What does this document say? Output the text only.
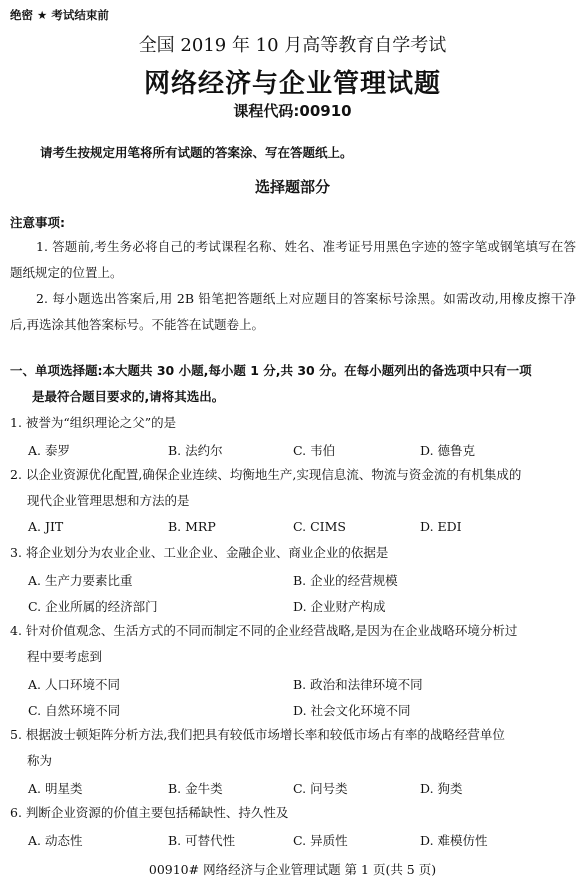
绝密 ★ 考试结束前
全国 2019 年 10 月高等教育自学考试
网络经济与企业管理试题
课程代码:00910
请考生按规定用笔将所有试题的答案涂、写在答题纸上。
选择题部分
注意事项:
1. 答题前,考生务必将自己的考试课程名称、姓名、准考证号用黑色字迹的签字笔或钢笔填写在答题纸规定的位置上。
2. 每小题选出答案后,用 2B 铅笔把答题纸上对应题目的答案标号涂黑。如需改动,用橡皮擦干净后,再选涂其他答案标号。不能答在试题卷上。
一、单项选择题:本大题共 30 小题,每小题 1 分,共 30 分。在每小题列出的备选项中只有一项
是最符合题目要求的,请将其选出。
1. 被誉为“组织理论之父”的是
A. 泰罗	B. 法约尔	C. 韦伯	D. 德鲁克
2. 以企业资源优化配置,确保企业连续、均衡地生产,实现信息流、物流与资金流的有机集成的
现代企业管理思想和方法的是
A. JIT	B. MRP	C. CIMS	D. EDI
3. 将企业划分为农业企业、工业企业、金融企业、商业企业的依据是
A. 生产力要素比重	B. 企业的经营规模
C. 企业所属的经济部门	D. 企业财产构成
4. 针对价值观念、生活方式的不同而制定不同的企业经营战略,是因为在企业战略环境分析过
程中要考虑到
A. 人口环境不同	B. 政治和法律环境不同
C. 自然环境不同	D. 社会文化环境不同
5. 根据波士顿矩阵分析方法,我们把具有较低市场增长率和较低市场占有率的战略经营单位
称为
A. 明星类	B. 金牛类	C. 问号类	D. 狗类
6. 判断企业资源的价值主要包括稀缺性、持久性及
A. 动态性	B. 可替代性	C. 异质性	D. 难模仿性
00910# 网络经济与企业管理试题 第 1 页(共 5 页)
